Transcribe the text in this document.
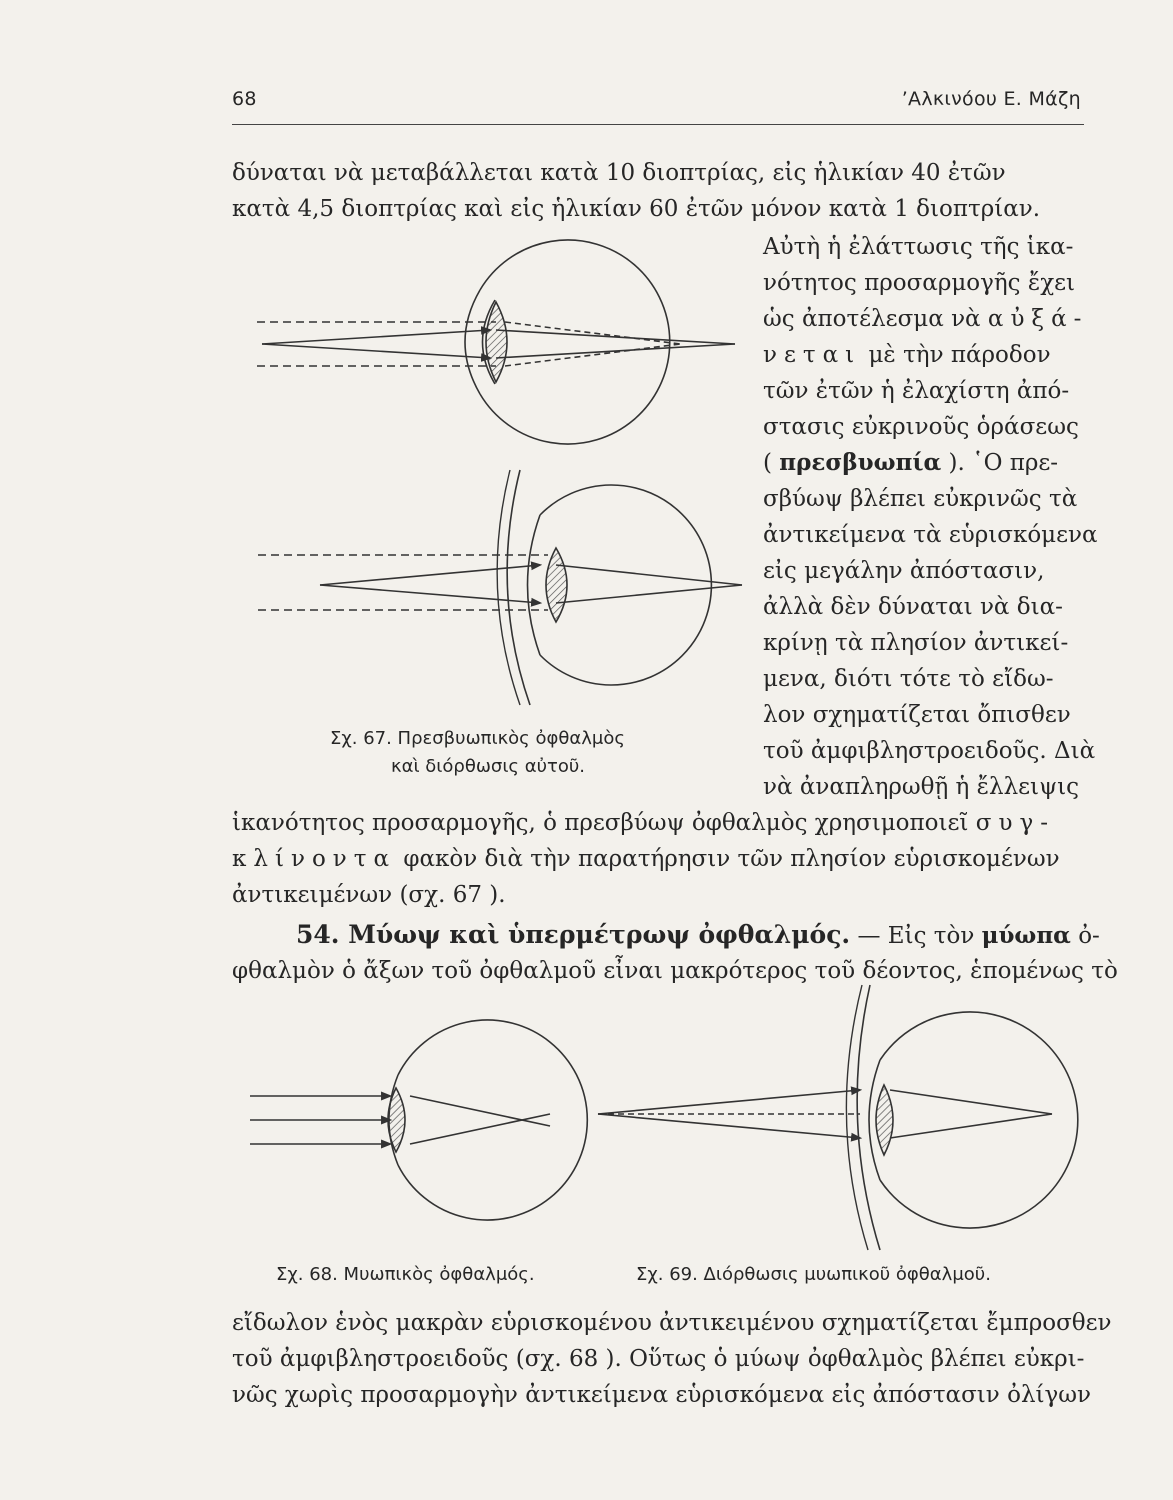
68	’Αλκινόου Ε. Μάζη
δύναται νὰ μεταβάλλεται κατὰ 10 διοπτρίας, εἰς ἡλικίαν 40 ἐτῶν
κατὰ 4,5 διοπτρίας καὶ εἰς ἡλικίαν 60 ἐτῶν μόνον κατὰ 1 διοπτρίαν.
Αὐτὴ ἡ ἐλάττωσις τῆς ἱκα-
νότητος προσαρμογῆς ἔχει
ὡς ἀποτέλεσμα νὰ αὐξά-
νεται μὲ τὴν πάροδον
τῶν ἐτῶν ἡ ἐλαχίστη ἀπό-
στασις εὐκρινοῦς ὁράσεως
( πρεσβυωπία ). ῾Ο πρε-
σβύωψ βλέπει εὐκρινῶς τὰ
ἀντικείμενα τὰ εὑρισκόμενα
εἰς μεγάλην ἀπόστασιν,
ἀλλὰ δὲν δύναται νὰ δια-
κρίνῃ τὰ πλησίον ἀντικεί-
μενα, διότι τότε τὸ εἴδω-
λον σχηματίζεται ὄπισθεν
τοῦ ἀμφιβληστροειδοῦς. Διὰ
νὰ ἀναπληρωθῇ ἡ ἔλλειψις
Σχ. 67. Πρεσβυωπικὸς ὀφθαλμὸς
καὶ διόρθωσις αὐτοῦ.
ἱκανότητος προσαρμογῆς, ὁ πρεσβύωψ ὀφθαλμὸς χρησιμοποιεῖ συγ-
κλίνοντα φακὸν διὰ τὴν παρατήρησιν τῶν πλησίον εὑρισκομένων
ἀντικειμένων (σχ. 67 ).
54. Μύωψ καὶ ὑπερμέτρωψ ὀφθαλμός. — Εἰς τὸν μύωπα ὀ-
φθαλμὸν ὁ ἄξων τοῦ ὀφθαλμοῦ εἶναι μακρότερος τοῦ δέοντος, ἑπομένως τὸ
Σχ. 68. Μυωπικὸς ὀφθαλμός.	Σχ. 69. Διόρθωσις μυωπικοῦ ὀφθαλμοῦ.
εἴδωλον ἑνὸς μακρὰν εὑρισκομένου ἀντικειμένου σχηματίζεται ἔμπροσθεν
τοῦ ἀμφιβληστροειδοῦς (σχ. 68 ). Οὕτως ὁ μύωψ ὀφθαλμὸς βλέπει εὐκρι-
νῶς χωρὶς προσαρμογὴν ἀντικείμενα εὑρισκόμενα εἰς ἀπόστασιν ὀλίγων
